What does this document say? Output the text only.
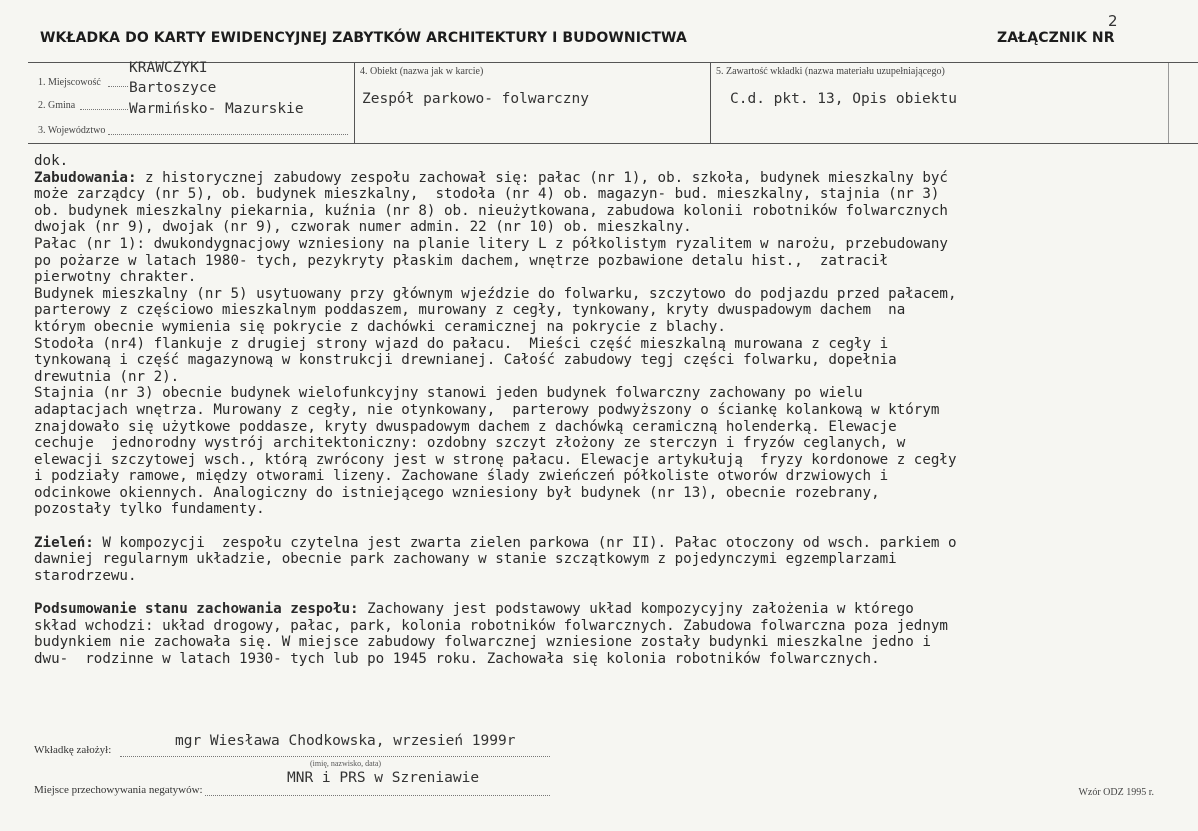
2
WKŁADKA DO KARTY EWIDENCYJNEJ ZABYTKÓW ARCHITEKTURY I BUDOWNICTWA	ZAŁĄCZNIK NR
1. Miejscowość
KRAWCZYKI
2. Gmina
Bartoszyce
Warmińsko- Mazurskie
3. Województwo
4. Obiekt (nazwa jak w karcie)
Zespół parkowo- folwarczny
5. Zawartość wkładki (nazwa materiału uzupełniającego)
C.d. pkt. 13, Opis obiektu

dok.

Zabudowania: z historycznej zabudowy zespołu zachował się: pałac (nr 1), ob. szkoła, budynek mieszkalny być
może zarządcy (nr 5), ob. budynek mieszkalny,  stodoła (nr 4) ob. magazyn- bud. mieszkalny, stajnia (nr 3)
ob. budynek mieszkalny piekarnia, kuźnia (nr 8) ob. nieużytkowana, zabudowa kolonii robotników folwarcznych
dwojak (nr 9), dwojak (nr 9), czworak numer admin. 22 (nr 10) ob. mieszkalny.

Pałac (nr 1): dwukondygnacjowy wzniesiony na planie litery L z półkolistym ryzalitem w narożu, przebudowany
po pożarze w latach 1980- tych, pezykryty płaskim dachem, wnętrze pozbawione detalu hist.,  zatracił
pierwotny chrakter.

Budynek mieszkalny (nr 5) usytuowany przy głównym wjeździe do folwarku, szczytowo do podjazdu przed pałacem,
parterowy z częściowo mieszkalnym poddaszem, murowany z cegły, tynkowany, kryty dwuspadowym dachem  na
którym obecnie wymienia się pokrycie z dachówki ceramicznej na pokrycie z blachy.

Stodoła (nr4) flankuje z drugiej strony wjazd do pałacu.  Mieści część mieszkalną murowana z cegły i
tynkowaną i część magazynową w konstrukcji drewnianej. Całość zabudowy tegj części folwarku, dopełnia
drewutnia (nr 2).

Stajnia (nr 3) obecnie budynek wielofunkcyjny stanowi jeden budynek folwarczny zachowany po wielu
adaptacjach wnętrza. Murowany z cegły, nie otynkowany,  parterowy podwyższony o ściankę kolankową w którym
znajdowało się użytkowe poddasze, kryty dwuspadowym dachem z dachówką ceramiczną holenderką. Elewacje
cechuje  jednorodny wystrój architektoniczny: ozdobny szczyt złożony ze sterczyn i fryzów ceglanych, w
elewacji szczytowej wsch., którą zwrócony jest w stronę pałacu. Elewacje artykułują  fryzy kordonowe z cegły
i podziały ramowe, między otworami lizeny. Zachowane ślady zwieńczeń półkoliste otworów drzwiowych i
odcinkowe okiennych. Analogiczny do istniejącego wzniesiony był budynek (nr 13), obecnie rozebrany,
pozostały tylko fundamenty.

Zieleń: W kompozycji  zespołu czytelna jest zwarta zielen parkowa (nr II). Pałac otoczony od wsch. parkiem o
dawniej regularnym układzie, obecnie park zachowany w stanie szczątkowym z pojedynczymi egzemplarzami
starodrzewu.

Podsumowanie stanu zachowania zespołu: Zachowany jest podstawowy układ kompozycyjny założenia w którego
skład wchodzi: układ drogowy, pałac, park, kolonia robotników folwarcznych. Zabudowa folwarczna poza jednym
budynkiem nie zachowała się. W miejsce zabudowy folwarcznej wzniesione zostały budynki mieszkalne jedno i
dwu-  rodzinne w latach 1930- tych lub po 1945 roku. Zachowała się kolonia robotników folwarcznych.

Wkładkę założył:
mgr Wiesława Chodkowska, wrzesień 1999r
(imię, nazwisko, data)
Miejsce przechowywania negatywów:
MNR i PRS w Szreniawie
Wzór ODZ 1995 r.
